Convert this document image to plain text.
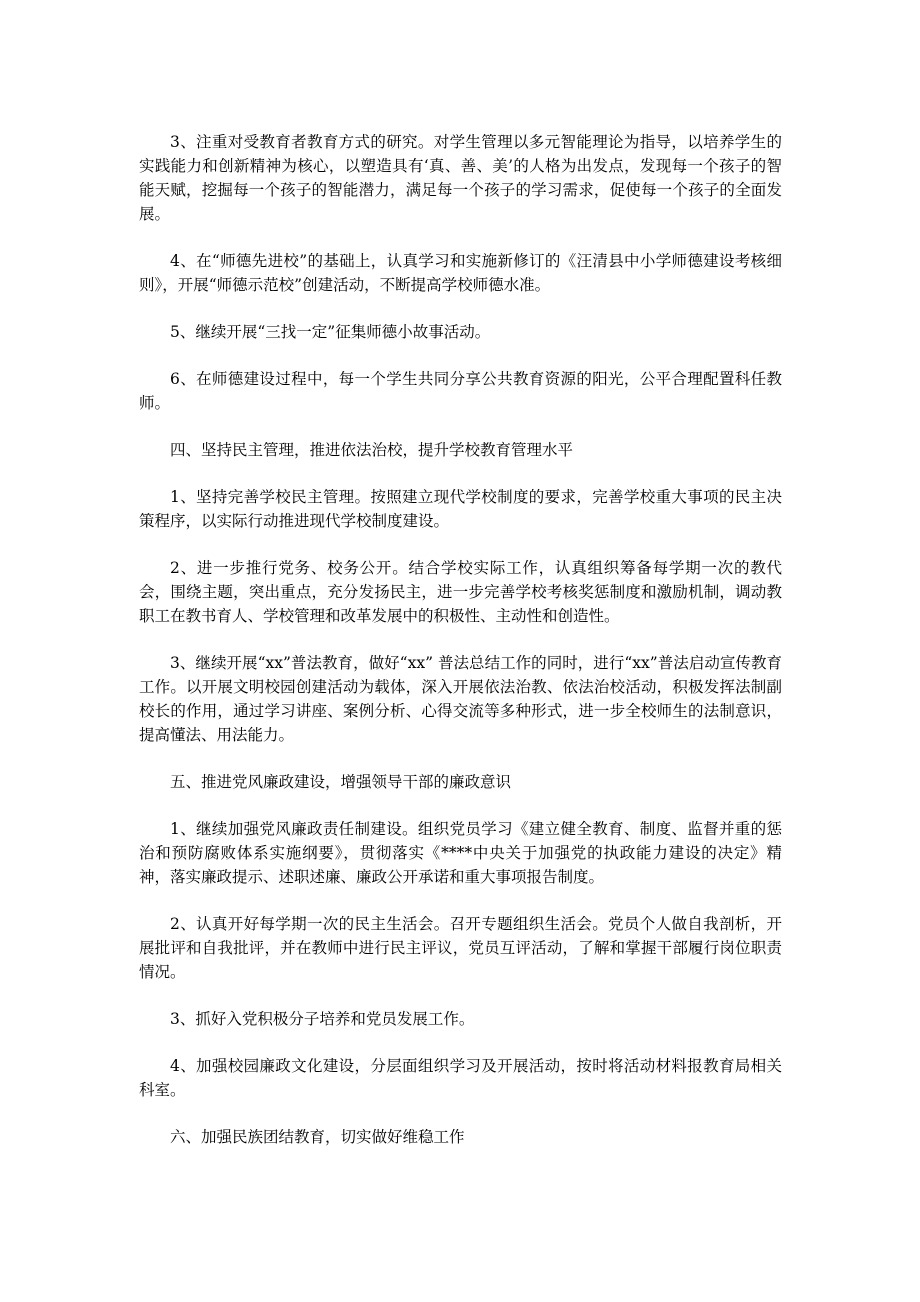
3、注重对受教育者教育方式的研究。对学生管理以多元智能理论为指导，以培养学生的实践能力和创新精神为核心，以塑造具有‘真、善、美’的人格为出发点，发现每一个孩子的智能天赋，挖掘每一个孩子的智能潜力，满足每一个孩子的学习需求，促使每一个孩子的全面发展。

4、在“师德先进校”的基础上，认真学习和实施新修订的《汪清县中小学师德建设考核细则》，开展“师德示范校”创建活动，不断提高学校师德水准。

5、继续开展“三找一定”征集师德小故事活动。

6、在师德建设过程中，每一个学生共同分享公共教育资源的阳光，公平合理配置科任教师。

四、坚持民主管理，推进依法治校，提升学校教育管理水平

1、坚持完善学校民主管理。按照建立现代学校制度的要求，完善学校重大事项的民主决策程序，以实际行动推进现代学校制度建设。

2、进一步推行党务、校务公开。结合学校实际工作，认真组织筹备每学期一次的教代会，围绕主题，突出重点，充分发扬民主，进一步完善学校考核奖惩制度和激励机制，调动教职工在教书育人、学校管理和改革发展中的积极性、主动性和创造性。

3、继续开展“xx”普法教育，做好“xx” 普法总结工作的同时，进行“xx”普法启动宣传教育工作。以开展文明校园创建活动为载体，深入开展依法治教、依法治校活动，积极发挥法制副校长的作用，通过学习讲座、案例分析、心得交流等多种形式，进一步全校师生的法制意识，提高懂法、用法能力。

五、推进党风廉政建设，增强领导干部的廉政意识

1、继续加强党风廉政责任制建设。组织党员学习《建立健全教育、制度、监督并重的惩治和预防腐败体系实施纲要》，贯彻落实《****中央关于加强党的执政能力建设的决定》精神，落实廉政提示、述职述廉、廉政公开承诺和重大事项报告制度。

2、认真开好每学期一次的民主生活会。召开专题组织生活会。党员个人做自我剖析，开展批评和自我批评，并在教师中进行民主评议，党员互评活动，了解和掌握干部履行岗位职责情况。

3、抓好入党积极分子培养和党员发展工作。

4、加强校园廉政文化建设，分层面组织学习及开展活动，按时将活动材料报教育局相关科室。

六、加强民族团结教育，切实做好维稳工作
